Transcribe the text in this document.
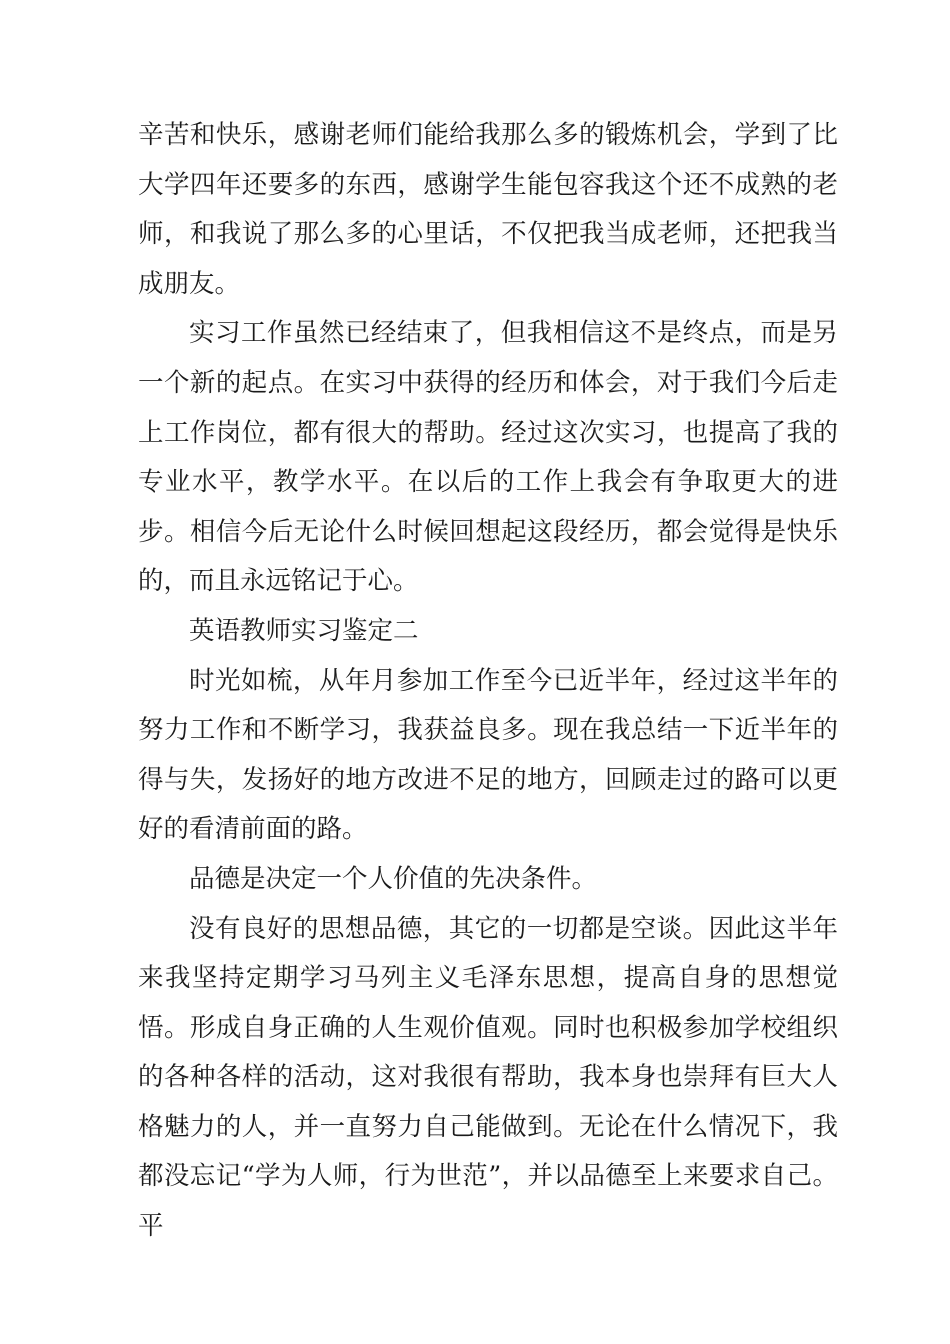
辛苦和快乐，感谢老师们能给我那么多的锻炼机会，学到了比大学四年还要多的东西，感谢学生能包容我这个还不成熟的老师，和我说了那么多的心里话，不仅把我当成老师，还把我当成朋友。

实习工作虽然已经结束了，但我相信这不是终点，而是另一个新的起点。在实习中获得的经历和体会，对于我们今后走上工作岗位，都有很大的帮助。经过这次实习，也提高了我的专业水平，教学水平。在以后的工作上我会有争取更大的进步。相信今后无论什么时候回想起这段经历，都会觉得是快乐的，而且永远铭记于心。

英语教师实习鉴定二

时光如梳，从年月参加工作至今已近半年，经过这半年的努力工作和不断学习，我获益良多。现在我总结一下近半年的得与失，发扬好的地方改进不足的地方，回顾走过的路可以更好的看清前面的路。

品德是决定一个人价值的先决条件。

没有良好的思想品德，其它的一切都是空谈。因此这半年来我坚持定期学习马列主义毛泽东思想，提高自身的思想觉悟。形成自身正确的人生观价值观。同时也积极参加学校组织的各种各样的活动，这对我很有帮助，我本身也崇拜有巨大人格魅力的人，并一直努力自己能做到。无论在什么情况下，我都没忘记“学为人师，行为世范”，并以品德至上来要求自己。平
